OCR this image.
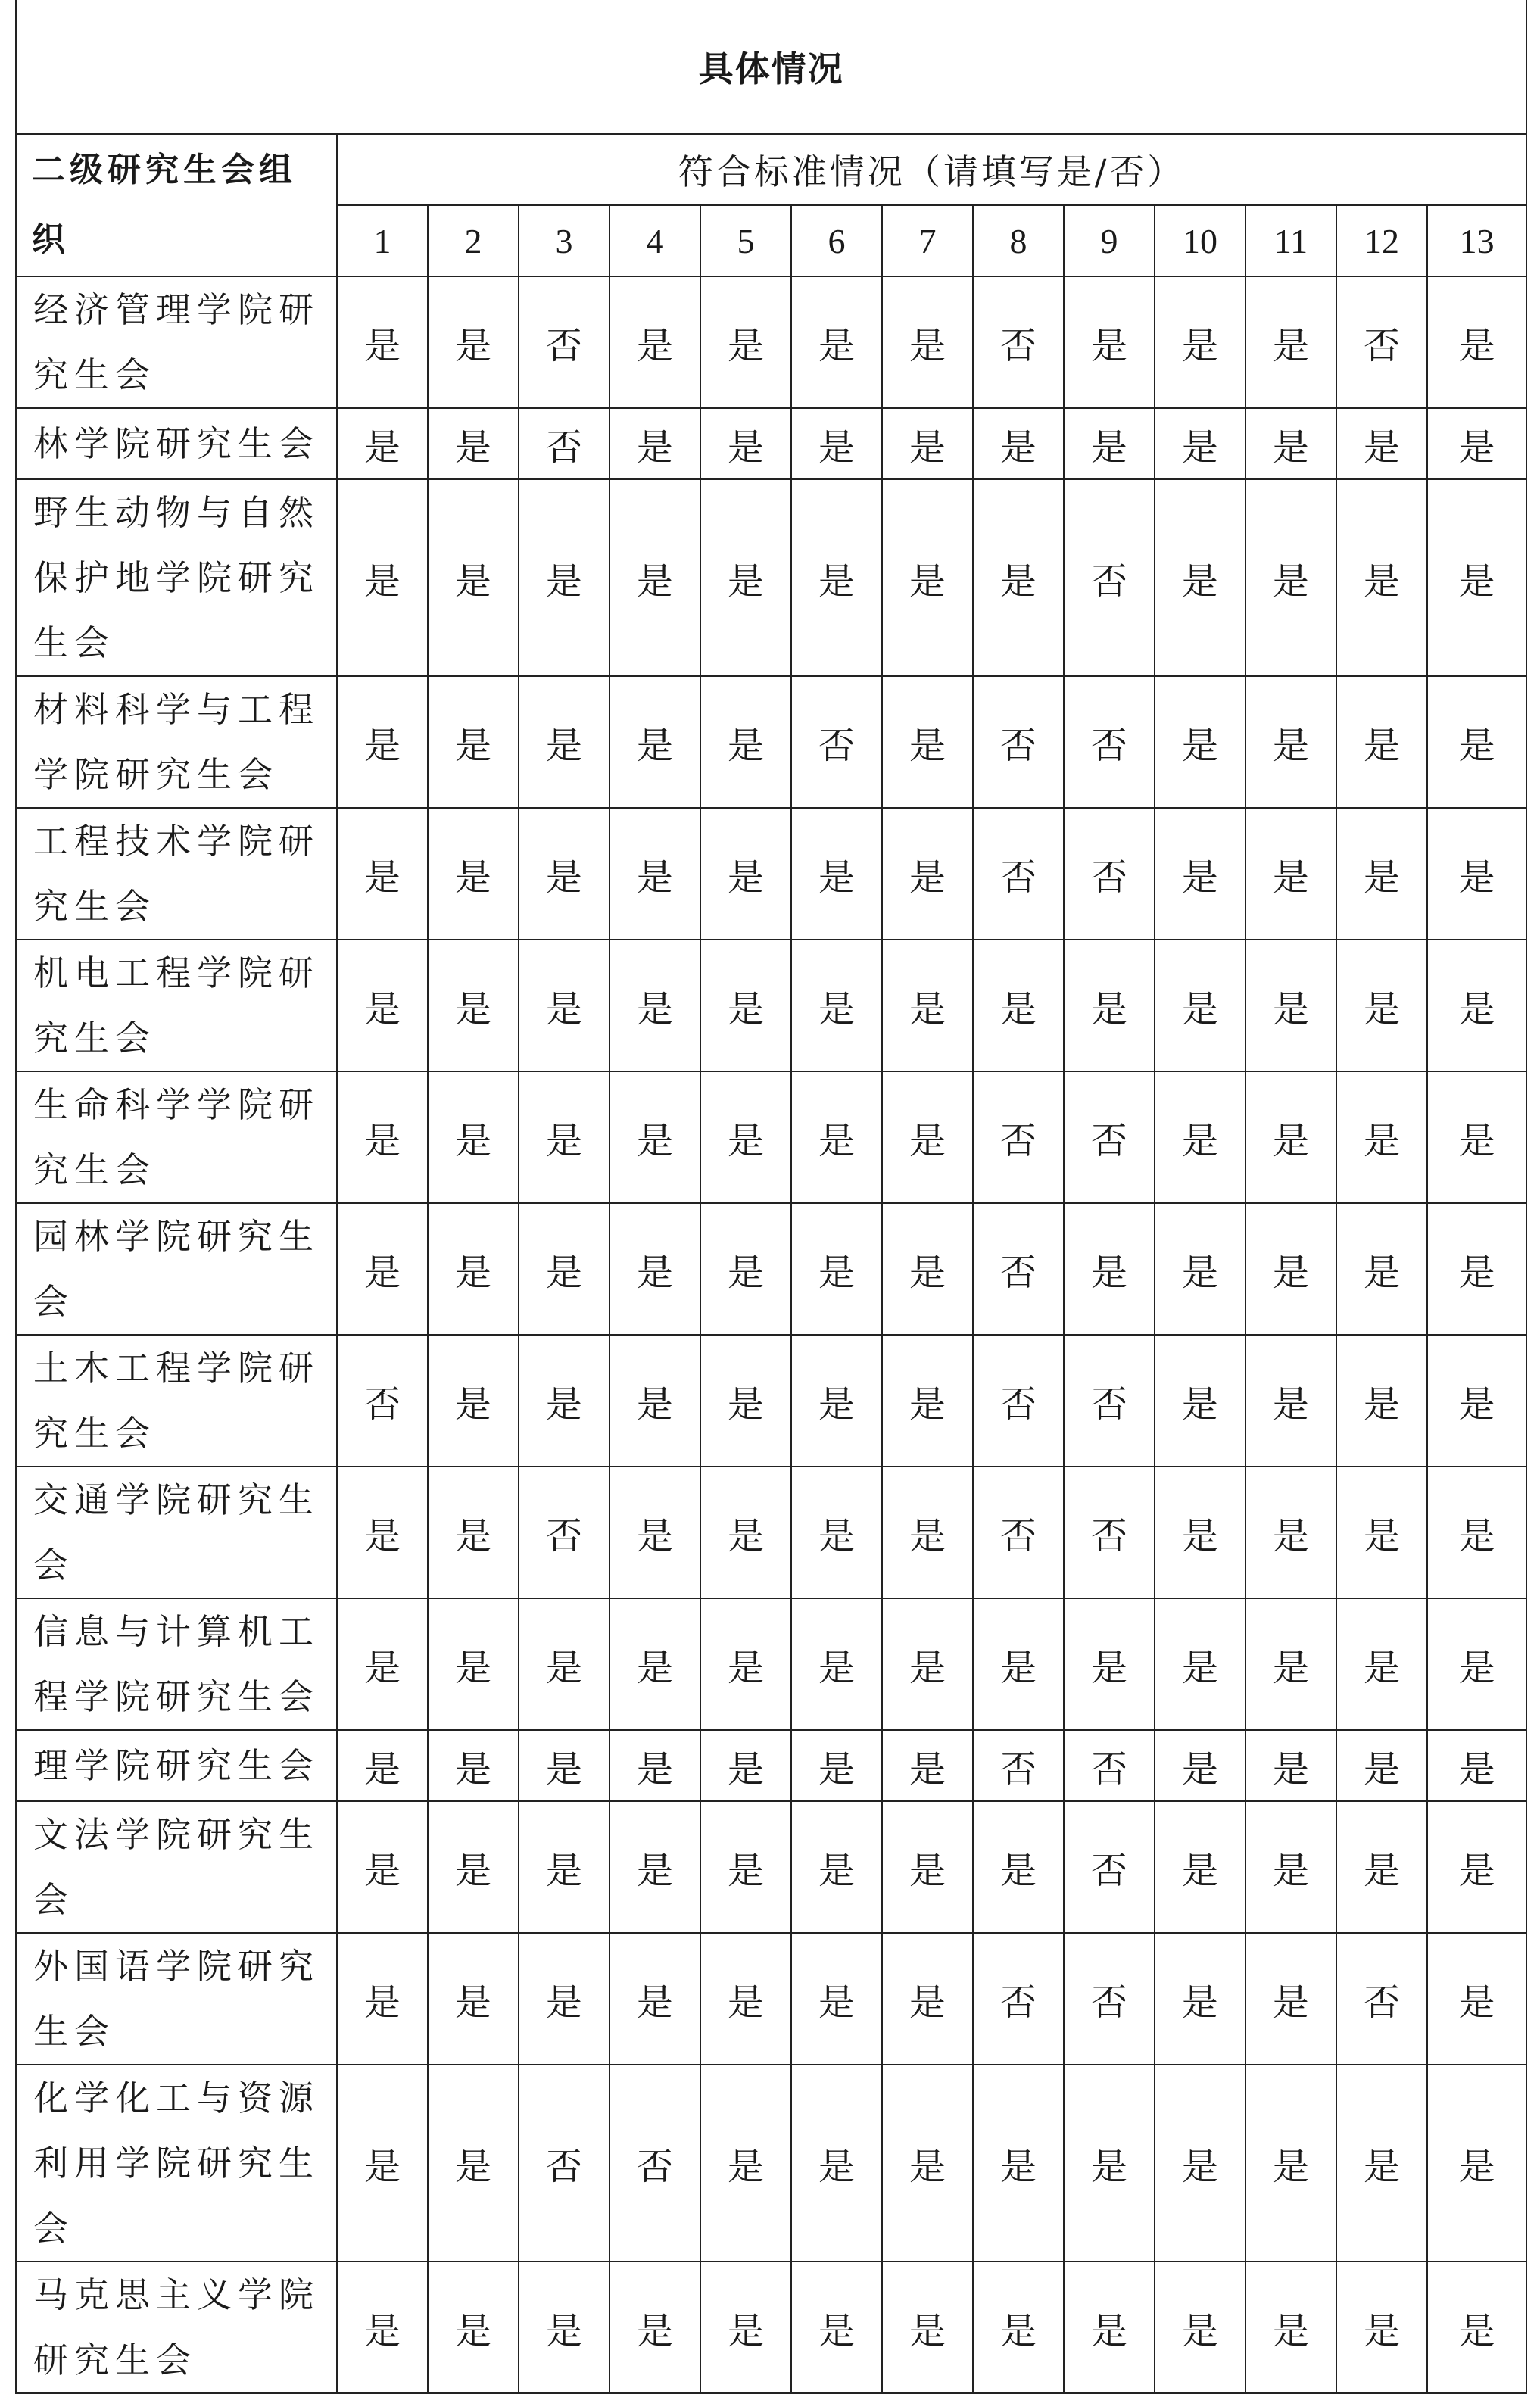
具体情况													
二级研究生会组织	符合标准情况（请填写是/否）												
	1	2	3	4	5	6	7	8	9	10	11	12	13
经济管理学院研究生会	是	是	否	是	是	是	是	否	是	是	是	否	是
林学院研究生会	是	是	否	是	是	是	是	是	是	是	是	是	是
野生动物与自然保护地学院研究生会	是	是	是	是	是	是	是	是	否	是	是	是	是
材料科学与工程学院研究生会	是	是	是	是	是	否	是	否	否	是	是	是	是
工程技术学院研究生会	是	是	是	是	是	是	是	否	否	是	是	是	是
机电工程学院研究生会	是	是	是	是	是	是	是	是	是	是	是	是	是
生命科学学院研究生会	是	是	是	是	是	是	是	否	否	是	是	是	是
园林学院研究生会	是	是	是	是	是	是	是	否	是	是	是	是	是
土木工程学院研究生会	否	是	是	是	是	是	是	否	否	是	是	是	是
交通学院研究生会	是	是	否	是	是	是	是	否	否	是	是	是	是
信息与计算机工程学院研究生会	是	是	是	是	是	是	是	是	是	是	是	是	是
理学院研究生会	是	是	是	是	是	是	是	否	否	是	是	是	是
文法学院研究生会	是	是	是	是	是	是	是	是	否	是	是	是	是
外国语学院研究生会	是	是	是	是	是	是	是	否	否	是	是	否	是
化学化工与资源利用学院研究生会	是	是	否	否	是	是	是	是	是	是	是	是	是
马克思主义学院研究生会	是	是	是	是	是	是	是	是	是	是	是	是	是
